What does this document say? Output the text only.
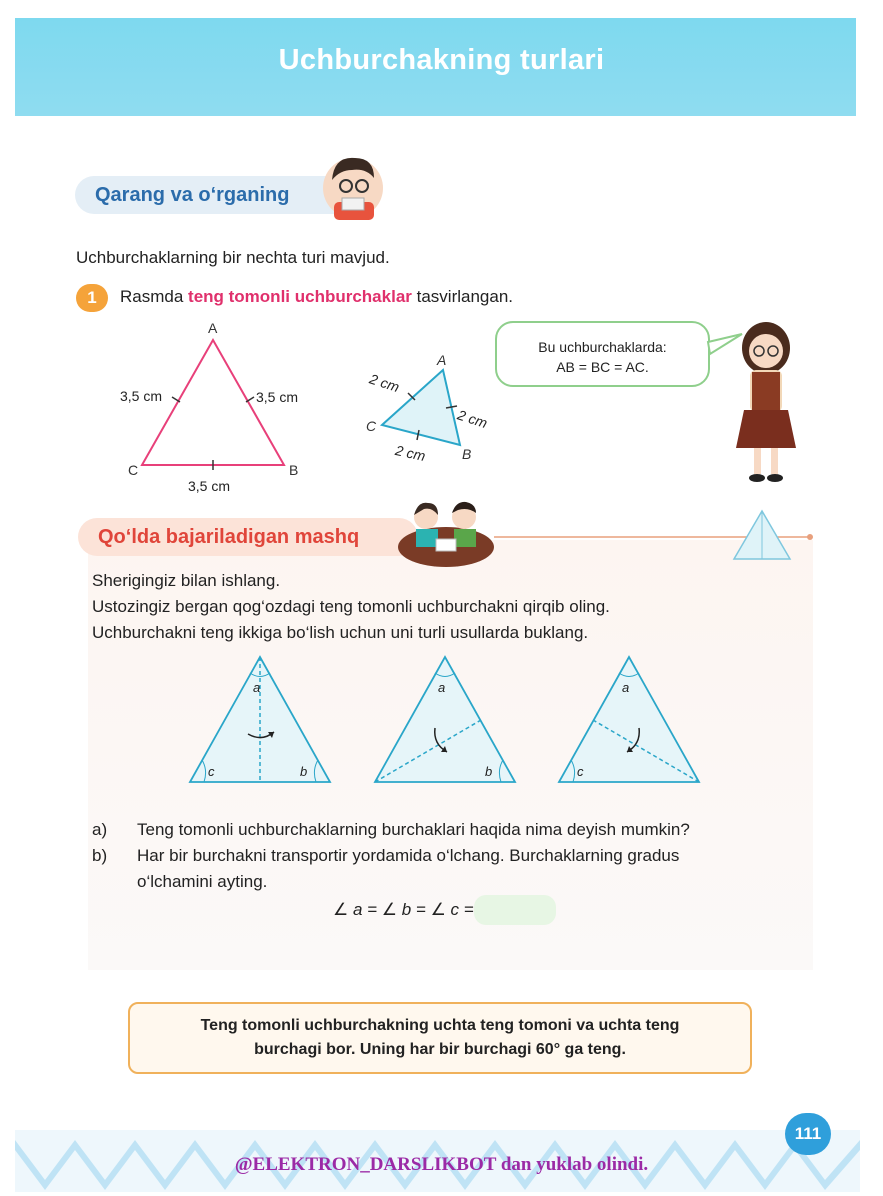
Uchburchakning turlari
Qarang va o‘rganing
Uchburchaklarning bir nechta turi mavjud.
1	Rasmda teng tomonli uchburchaklar tasvirlangan.
A
C	B
3,5 cm	3,5 cm
3,5 cm
A
C
B
2 cm
2 cm
2 cm
Bu uchburchaklarda:
AB = BC = AC.
Qo‘lda bajariladigan mashq
Sherigingiz bilan ishlang.
Ustozingiz bergan qog‘ozdagi teng tomonli uchburchakni qirqib oling.
Uchburchakni teng ikkiga bo‘lish uchun uni turli usullarda buklang.
a
c	b
a
b
a
c
a) Teng tomonli uchburchaklarning burchaklari haqida nima deyish mumkin?
b) Har bir burchakni transportir yordamida o‘lchang. Burchaklarning gradus
o‘lchamini ayting.
∠ a = ∠ b = ∠ c =
Teng tomonli uchburchakning uchta teng tomoni va uchta teng
burchagi bor. Uning har bir burchagi 60° ga teng.
111
@ELEKTRON_DARSLIKBOT dan yuklab olindi.
